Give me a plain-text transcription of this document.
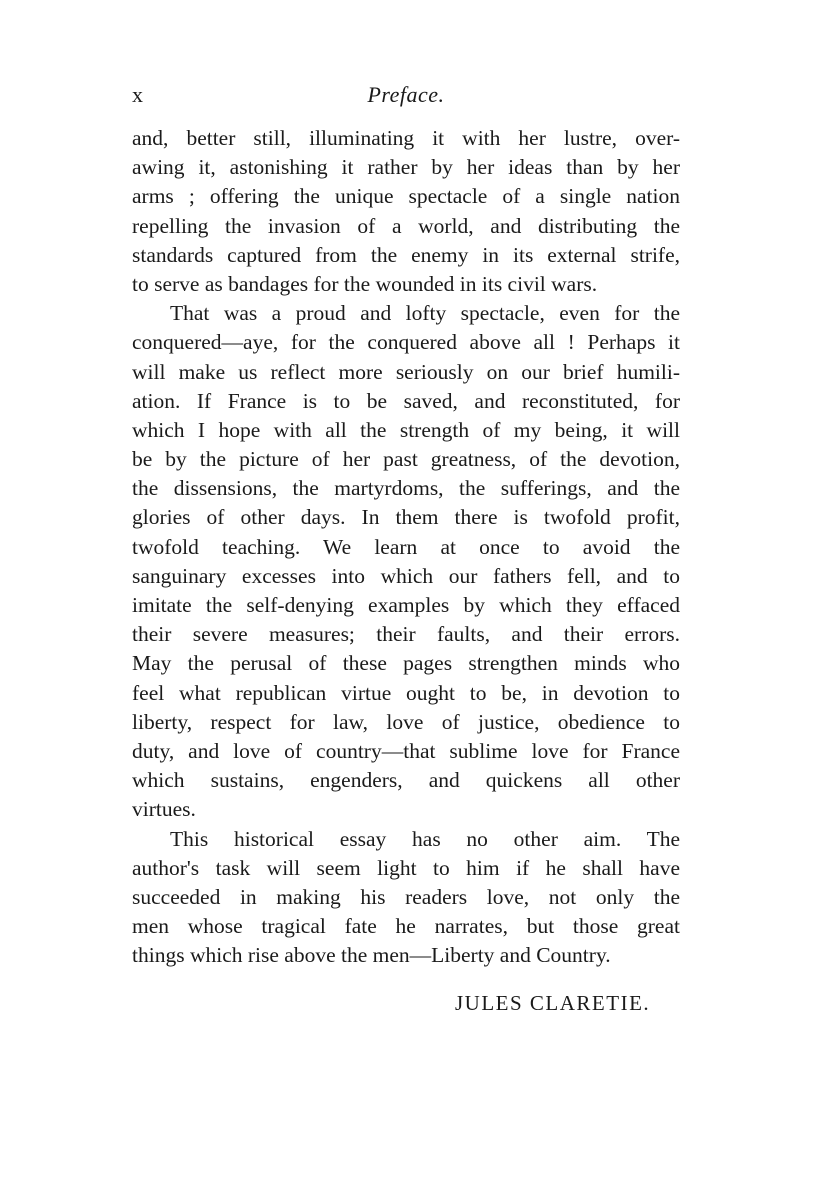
x	Preface.
and, better still, illuminating it with her lustre, over-
awing it, astonishing it rather by her ideas than by her
arms ; offering the unique spectacle of a single nation
repelling the invasion of a world, and distributing the
standards captured from the enemy in its external strife,
to serve as bandages for the wounded in its civil wars.
That was a proud and lofty spectacle, even for the
conquered—aye, for the conquered above all ! Perhaps it
will make us reflect more seriously on our brief humili-
ation. If France is to be saved, and reconstituted, for
which I hope with all the strength of my being, it will
be by the picture of her past greatness, of the devotion,
the dissensions, the martyrdoms, the sufferings, and the
glories of other days. In them there is twofold profit,
twofold teaching. We learn at once to avoid the
sanguinary excesses into which our fathers fell, and to
imitate the self-denying examples by which they effaced
their severe measures; their faults, and their errors.
May the perusal of these pages strengthen minds who
feel what republican virtue ought to be, in devotion to
liberty, respect for law, love of justice, obedience to
duty, and love of country—that sublime love for France
which sustains, engenders, and quickens all other
virtues.
This historical essay has no other aim. The
author's task will seem light to him if he shall have
succeeded in making his readers love, not only the
men whose tragical fate he narrates, but those great
things which rise above the men—Liberty and Country.
JULES CLARETIE.
